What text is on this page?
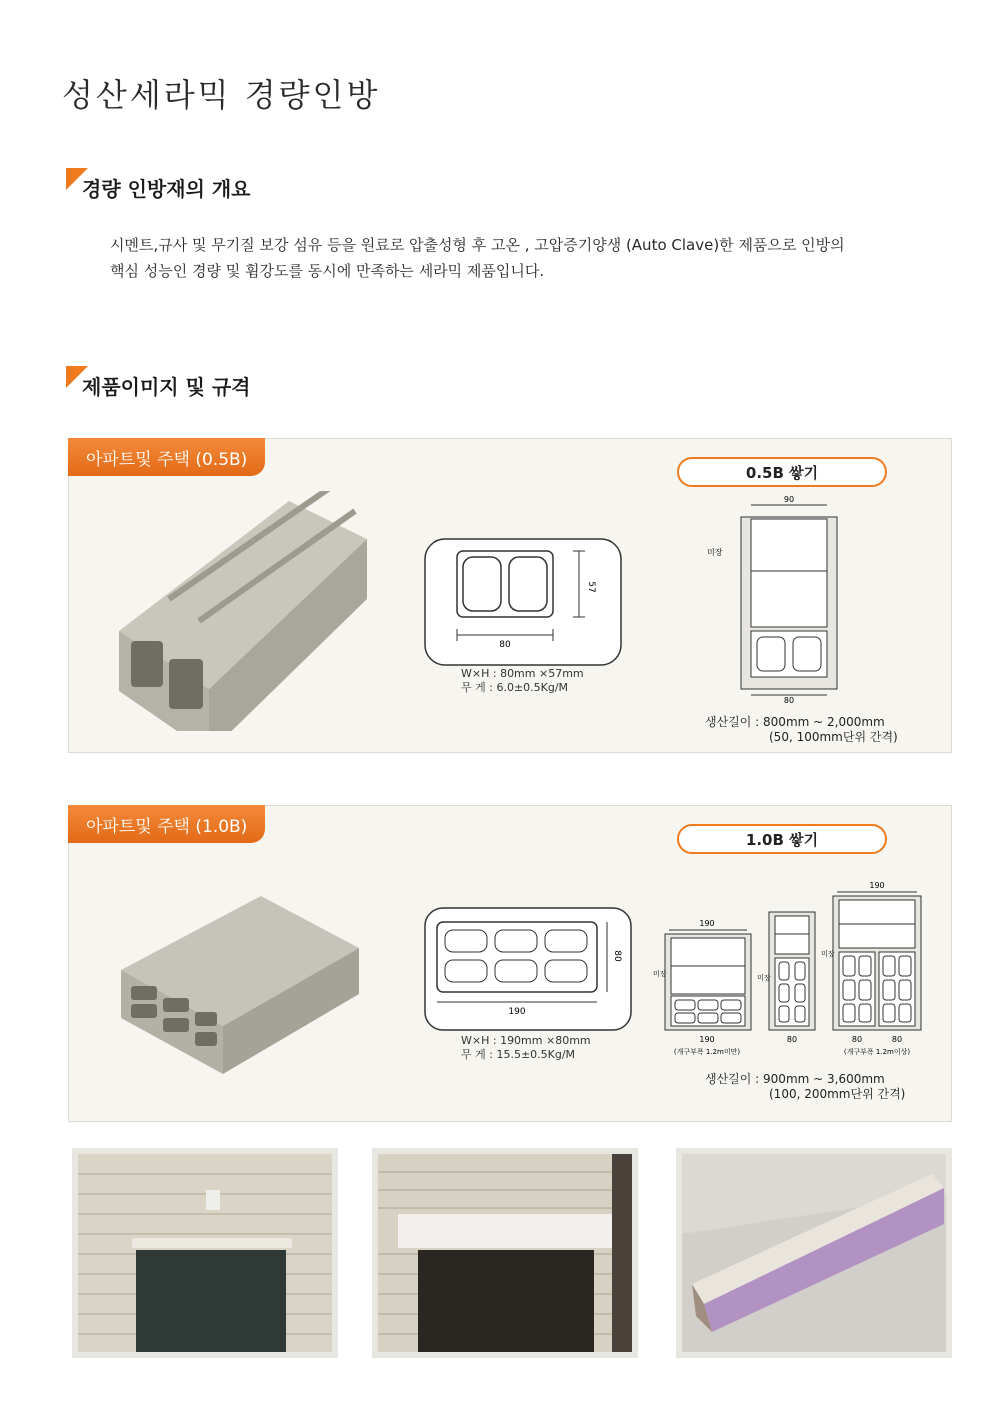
성산세라믹 경량인방
경량 인방재의 개요
시멘트,규사 및 무기질 보강 섬유 등을 원료로 압출성형 후 고온 , 고압증기양생 (Auto Clave)한 제품으로 인방의
핵심 성능인 경량 및 휨강도를 동시에 만족하는 세라믹 제품입니다.
제품이미지 및 규격
아파트및 주택 (0.5B)
80
57
W×H : 80mm ×57mm
무 게 : 6.0±0.5Kg/M
0.5B 쌓기
90
80
미장
생산길이 : 800mm ~ 2,000mm
(50, 100mm단위 간격)
아파트및 주택 (1.0B)
190
80
W×H : 190mm ×80mm
무 게 : 15.5±0.5Kg/M
1.0B 쌓기
190
190
(개구부폭 1.2m미만)
미장
80
미장
190
80	80
(개구부폭 1.2m이상)
미장
생산길이 : 900mm ~ 3,600mm
(100, 200mm단위 간격)
